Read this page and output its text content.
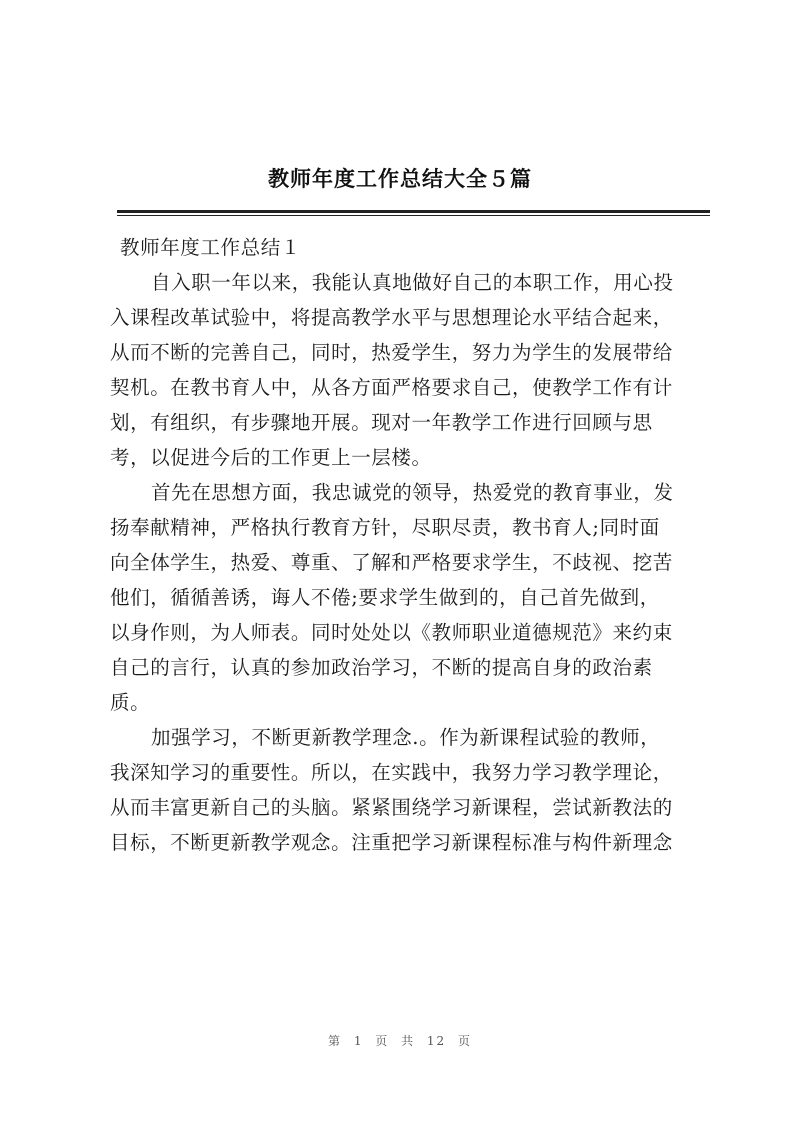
教师年度工作总结大全５篇

教师年度工作总结１

自入职一年以来，我能认真地做好自己的本职工作，用心投
入课程改革试验中，将提高教学水平与思想理论水平结合起来，
从而不断的完善自己，同时，热爱学生，努力为学生的发展带给
契机。在教书育人中，从各方面严格要求自己，使教学工作有计
划，有组织，有步骤地开展。现对一年教学工作进行回顾与思
考，以促进今后的工作更上一层楼。

首先在思想方面，我忠诚党的领导，热爱党的教育事业，发
扬奉献精神，严格执行教育方针，尽职尽责，教书育人;同时面
向全体学生，热爱、尊重、了解和严格要求学生，不歧视、挖苦
他们，循循善诱，诲人不倦;要求学生做到的，自己首先做到，
以身作则，为人师表。同时处处以《教师职业道德规范》来约束
自己的言行，认真的参加政治学习，不断的提高自身的政治素
质。

加强学习，不断更新教学理念.。作为新课程试验的教师，
我深知学习的重要性。所以，在实践中，我努力学习教学理论，
从而丰富更新自己的头脑。紧紧围绕学习新课程，尝试新教法的
目标，不断更新教学观念。注重把学习新课程标准与构件新理念

第 1 页 共 12 页
